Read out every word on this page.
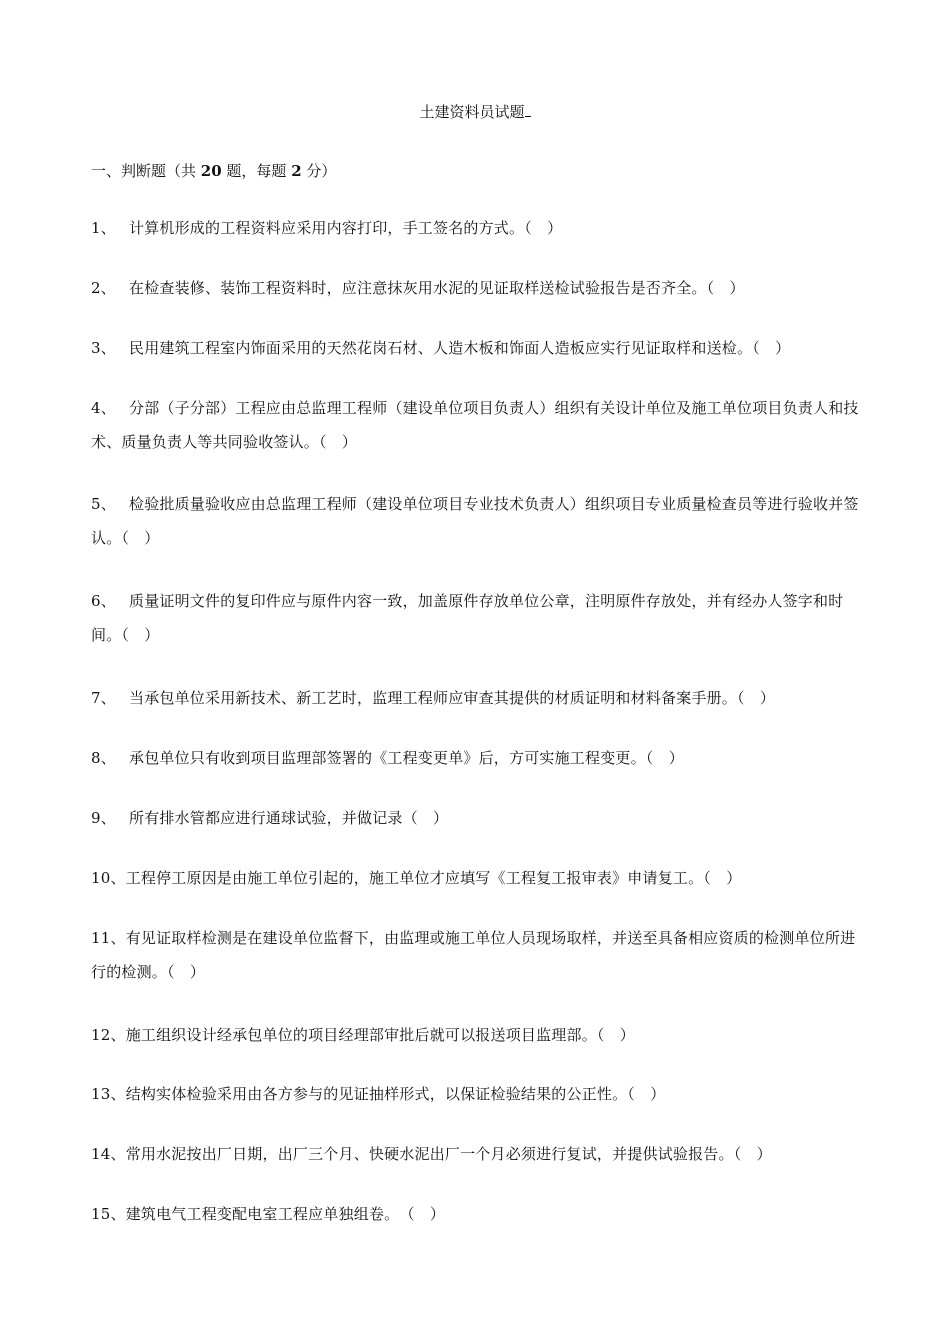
土建资料员试题
一、判断题（共 20 题，每题 2 分）
1、 计算机形成的工程资料应采用内容打印，手工签名的方式。（　）
2、 在检查装修、装饰工程资料时，应注意抹灰用水泥的见证取样送检试验报告是否齐全。（　）
3、 民用建筑工程室内饰面采用的天然花岗石材、人造木板和饰面人造板应实行见证取样和送检。（　）
4、 分部（子分部）工程应由总监理工程师（建设单位项目负责人）组织有关设计单位及施工单位项目负责人和技术、质量负责人等共同验收签认。（　）
5、 检验批质量验收应由总监理工程师（建设单位项目专业技术负责人）组织项目专业质量检查员等进行验收并签认。（　）
6、 质量证明文件的复印件应与原件内容一致，加盖原件存放单位公章，注明原件存放处，并有经办人签字和时间。（　）
7、 当承包单位采用新技术、新工艺时，监理工程师应审查其提供的材质证明和材料备案手册。（　）
8、 承包单位只有收到项目监理部签署的《工程变更单》后，方可实施工程变更。（　）
9、 所有排水管都应进行通球试验，并做记录（　）
10、工程停工原因是由施工单位引起的，施工单位才应填写《工程复工报审表》申请复工。（　）
11、有见证取样检测是在建设单位监督下，由监理或施工单位人员现场取样，并送至具备相应资质的检测单位所进行的检测。（　）
12、施工组织设计经承包单位的项目经理部审批后就可以报送项目监理部。（　）
13、结构实体检验采用由各方参与的见证抽样形式，以保证检验结果的公正性。（　）
14、常用水泥按出厂日期，出厂三个月、快硬水泥出厂一个月必须进行复试，并提供试验报告。（　）
15、建筑电气工程变配电室工程应单独组卷。　（　）
